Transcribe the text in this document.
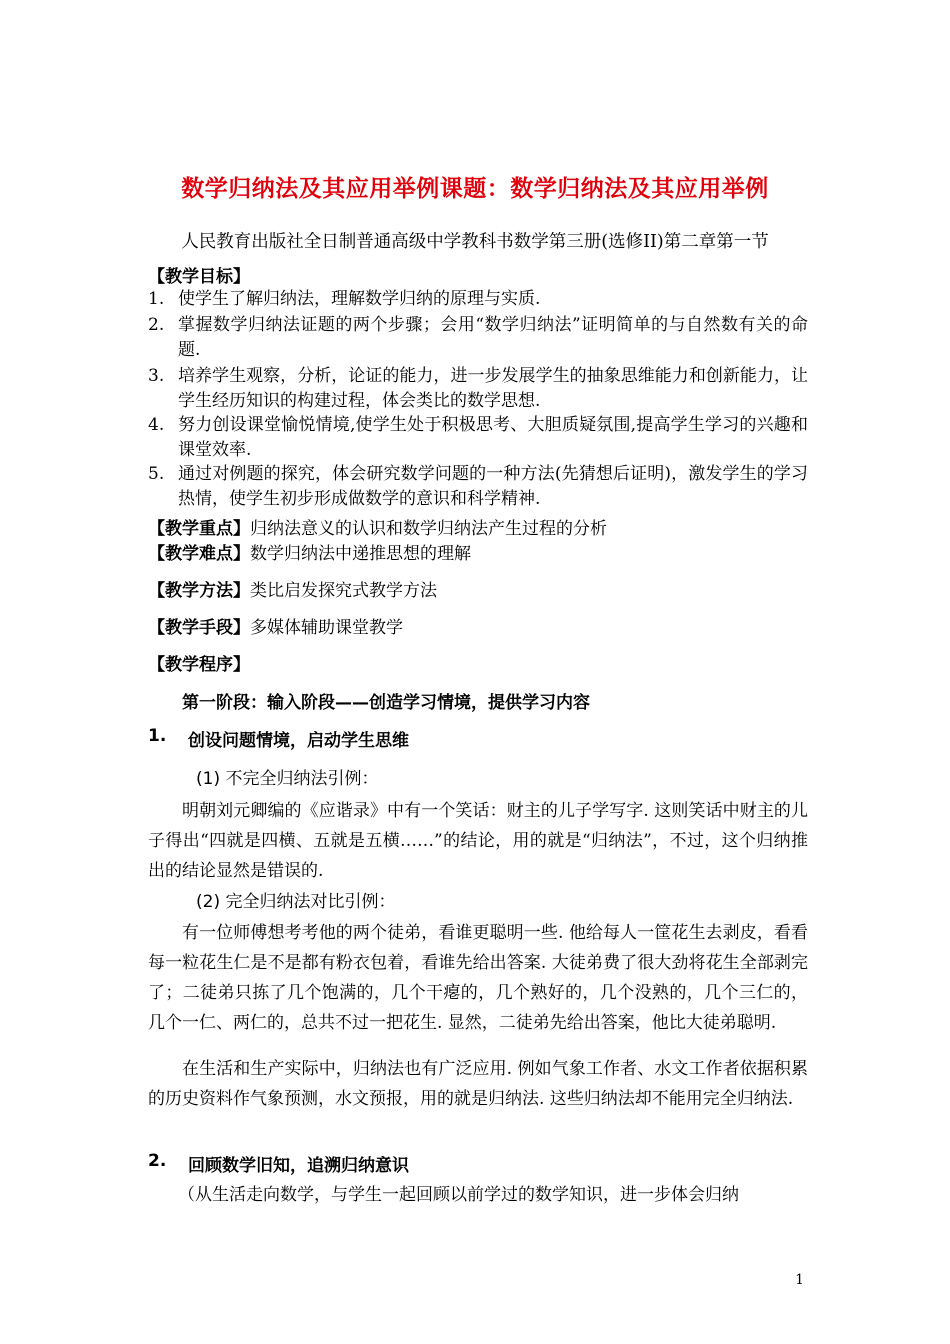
数学归纳法及其应用举例课题：数学归纳法及其应用举例
人民教育出版社全日制普通高级中学教科书数学第三册(选修II)第二章第一节
【教学目标】
1. 使学生了解归纳法，理解数学归纳的原理与实质.
2. 掌握数学归纳法证题的两个步骤；会用“数学归纳法”证明简单的与自然数有关的命题.
3. 培养学生观察，分析，论证的能力，进一步发展学生的抽象思维能力和创新能力，让学生经历知识的构建过程，体会类比的数学思想.
4. 努力创设课堂愉悦情境,使学生处于积极思考、大胆质疑氛围,提高学生学习的兴趣和课堂效率.
5. 通过对例题的探究，体会研究数学问题的一种方法(先猜想后证明)，激发学生的学习热情，使学生初步形成做数学的意识和科学精神.
【教学重点】归纳法意义的认识和数学归纳法产生过程的分析
【教学难点】数学归纳法中递推思想的理解
【教学方法】类比启发探究式教学方法
【教学手段】多媒体辅助课堂教学
【教学程序】
第一阶段：输入阶段——创造学习情境，提供学习内容
1. 创设问题情境，启动学生思维
(1) 不完全归纳法引例：
明朝刘元卿编的《应谐录》中有一个笑话：财主的儿子学写字. 这则笑话中财主的儿子得出“四就是四横、五就是五横……”的结论，用的就是“归纳法”，不过，这个归纳推出的结论显然是错误的.
(2) 完全归纳法对比引例：
有一位师傅想考考他的两个徒弟，看谁更聪明一些. 他给每人一筐花生去剥皮，看看每一粒花生仁是不是都有粉衣包着，看谁先给出答案. 大徒弟费了很大劲将花生全部剥完了；二徒弟只拣了几个饱满的，几个干瘪的，几个熟好的，几个没熟的，几个三仁的，几个一仁、两仁的，总共不过一把花生. 显然，二徒弟先给出答案，他比大徒弟聪明.
在生活和生产实际中，归纳法也有广泛应用. 例如气象工作者、水文工作者依据积累的历史资料作气象预测，水文预报，用的就是归纳法. 这些归纳法却不能用完全归纳法.
2. 回顾数学旧知，追溯归纳意识
（从生活走向数学，与学生一起回顾以前学过的数学知识，进一步体会归纳
1
